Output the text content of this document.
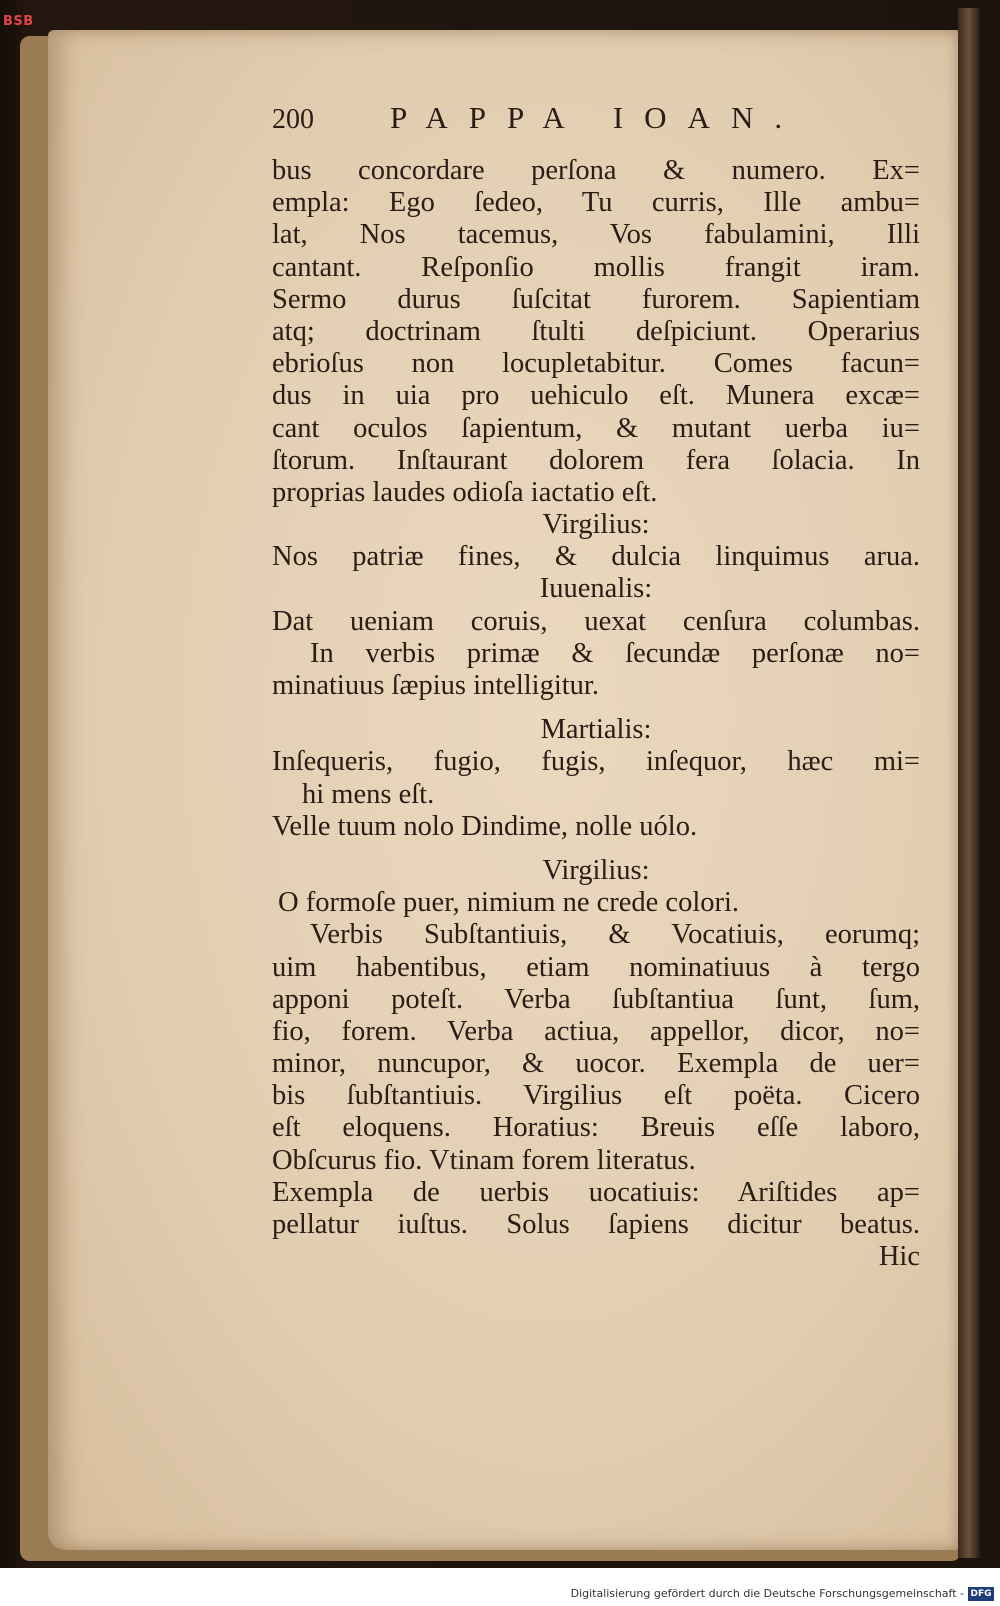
BSB
200 PAPPA IOAN.
bus concordare perſona & numero. Ex=
empla: Ego ſedeo, Tu curris, Ille ambu=
lat, Nos tacemus, Vos fabulamini, Illi
cantant. Reſponſio mollis frangit iram.
Sermo durus ſuſcitat furorem. Sapientiam
atq; doctrinam ſtulti deſpiciunt. Operarius
ebrioſus non locupletabitur. Comes facun=
dus in uia pro uehiculo eſt. Munera excæ=
cant oculos ſapientum, & mutant uerba iu=
ſtorum. Inſtaurant dolorem fera ſolacia. In
proprias laudes odioſa iactatio eſt.
Virgilius:
Nos patriæ fines, & dulcia linquimus arua.
Iuuenalis:
Dat ueniam coruis, uexat cenſura columbas.
In verbis primæ & ſecundæ perſonæ no=
minatiuus ſæpius intelligitur.
Martialis:
Inſequeris, fugio, fugis, inſequor, hæc mi=
hi mens eſt.
Velle tuum nolo Dindime, nolle uólo.
Virgilius:
O formoſe puer, nimium ne crede colori.
Verbis Subſtantiuis, & Vocatiuis, eorumq;
uim habentibus, etiam nominatiuus à tergo
apponi poteſt. Verba ſubſtantiua ſunt, ſum,
fio, forem. Verba actiua, appellor, dicor, no=
minor, nuncupor, & uocor. Exempla de uer=
bis ſubſtantiuis. Virgilius eſt poëta. Cicero
eſt eloquens. Horatius: Breuis eſſe laboro,
Obſcurus fio. Vtinam forem literatus.
Exempla de uerbis uocatiuis: Ariſtides ap=
pellatur iuſtus. Solus ſapiens dicitur beatus.
Hic
Digitalisierung gefördert durch die Deutsche Forschungsgemeinschaft - DFG
